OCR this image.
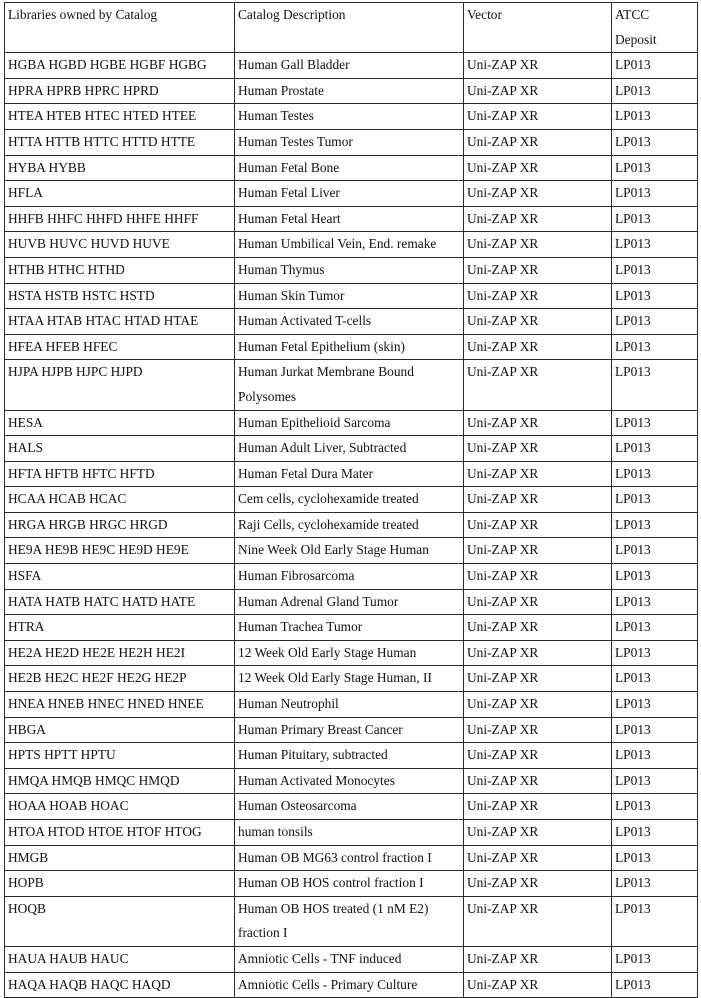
Libraries owned by Catalog	Catalog Description	Vector	ATCC
Deposit

HGBA HGBD HGBE HGBF HGBG	Human Gall Bladder	Uni-ZAP XR	LP013
HPRA HPRB HPRC HPRD	Human Prostate	Uni-ZAP XR	LP013
HTEA HTEB HTEC HTED HTEE	Human Testes	Uni-ZAP XR	LP013
HTTA HTTB HTTC HTTD HTTE	Human Testes Tumor	Uni-ZAP XR	LP013
HYBA HYBB	Human Fetal Bone	Uni-ZAP XR	LP013
HFLA	Human Fetal Liver	Uni-ZAP XR	LP013
HHFB HHFC HHFD HHFE HHFF	Human Fetal Heart	Uni-ZAP XR	LP013
HUVB HUVC HUVD HUVE	Human Umbilical Vein, End. remake	Uni-ZAP XR	LP013
HTHB HTHC HTHD	Human Thymus	Uni-ZAP XR	LP013
HSTA HSTB HSTC HSTD	Human Skin Tumor	Uni-ZAP XR	LP013
HTAA HTAB HTAC HTAD HTAE	Human Activated T-cells	Uni-ZAP XR	LP013
HFEA HFEB HFEC	Human Fetal Epithelium (skin)	Uni-ZAP XR	LP013
HJPA HJPB HJPC HJPD	Human Jurkat Membrane Bound
Polysomes	Uni-ZAP XR	LP013
HESA	Human Epithelioid Sarcoma	Uni-ZAP XR	LP013
HALS	Human Adult Liver, Subtracted	Uni-ZAP XR	LP013
HFTA HFTB HFTC HFTD	Human Fetal Dura Mater	Uni-ZAP XR	LP013
HCAA HCAB HCAC	Cem cells, cyclohexamide treated	Uni-ZAP XR	LP013
HRGA HRGB HRGC HRGD	Raji Cells, cyclohexamide treated	Uni-ZAP XR	LP013
HE9A HE9B HE9C HE9D HE9E	Nine Week Old Early Stage Human	Uni-ZAP XR	LP013
HSFA	Human Fibrosarcoma	Uni-ZAP XR	LP013
HATA HATB HATC HATD HATE	Human Adrenal Gland Tumor	Uni-ZAP XR	LP013
HTRA	Human Trachea Tumor	Uni-ZAP XR	LP013
HE2A HE2D HE2E HE2H HE2I	12 Week Old Early Stage Human	Uni-ZAP XR	LP013
HE2B HE2C HE2F HE2G HE2P	12 Week Old Early Stage Human, II	Uni-ZAP XR	LP013
HNEA HNEB HNEC HNED HNEE	Human Neutrophil	Uni-ZAP XR	LP013
HBGA	Human Primary Breast Cancer	Uni-ZAP XR	LP013
HPTS HPTT HPTU	Human Pituitary, subtracted	Uni-ZAP XR	LP013
HMQA HMQB HMQC HMQD	Human Activated Monocytes	Uni-ZAP XR	LP013
HOAA HOAB HOAC	Human Osteosarcoma	Uni-ZAP XR	LP013
HTOA HTOD HTOE HTOF HTOG	human tonsils	Uni-ZAP XR	LP013
HMGB	Human OB MG63 control fraction I	Uni-ZAP XR	LP013
HOPB	Human OB HOS control fraction I	Uni-ZAP XR	LP013
HOQB	Human OB HOS treated (1 nM E2)
fraction I	Uni-ZAP XR	LP013
HAUA HAUB HAUC	Amniotic Cells - TNF induced	Uni-ZAP XR	LP013
HAQA HAQB HAQC HAQD	Amniotic Cells - Primary Culture	Uni-ZAP XR	LP013
